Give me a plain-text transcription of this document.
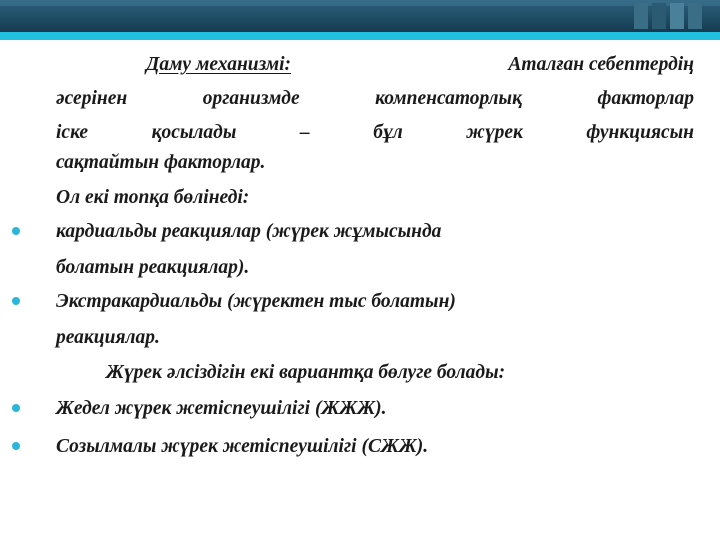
Даму механизмі:	Аталған себептердің
әсерінен организмде компенсаторлық факторлар
іске қосылады – бұл жүрек функциясын
сақтайтын факторлар.
Ол екі топқа бөлінеді:
кардиальды реакциялар (жүрек жұмысында
болатын реакциялар).
Экстракардиальды (жүректен тыс болатын)
реакциялар.
Жүрек әлсіздігін екі вариантқа бөлуге болады:
Жедел жүрек жетіспеушілігі (ЖЖЖ).
Созылмалы жүрек жетіспеушілігі (СЖЖ).
